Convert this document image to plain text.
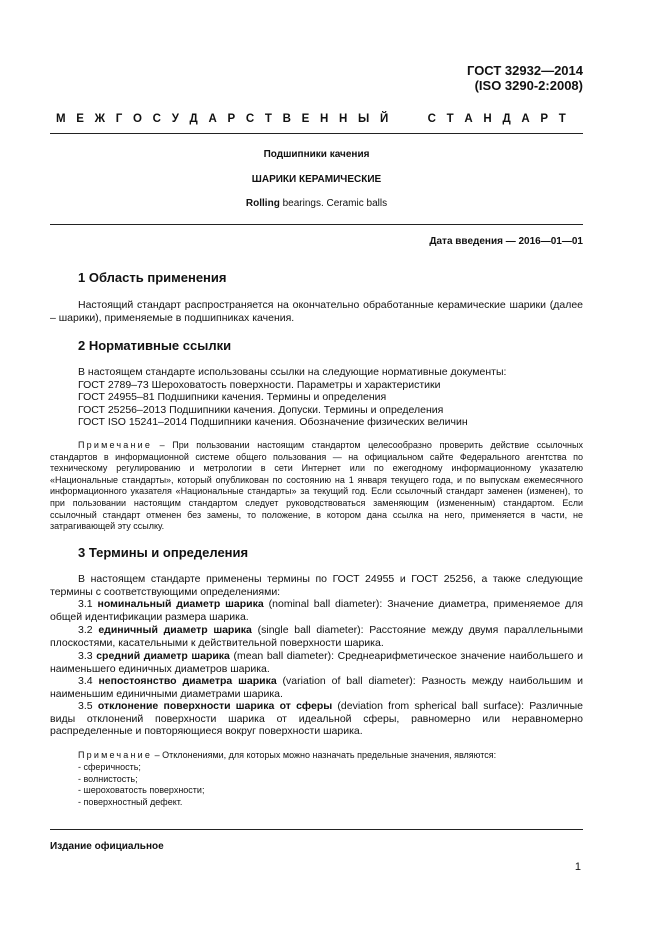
ГОСТ 32932—2014
(ISO 3290-2:2008)
М Е Ж Г О С У Д А Р С Т В Е Н Н Ы Й	С Т А Н Д А Р Т
Подшипники качения
ШАРИКИ КЕРАМИЧЕСКИЕ
Rolling bearings. Ceramic balls
Дата введения — 2016—01—01
1 Область применения
Настоящий стандарт распространяется на окончательно обработанные керамические шарики (далее – шарики), применяемые в подшипниках качения.
2 Нормативные ссылки
В настоящем стандарте использованы ссылки на следующие нормативные документы:
ГОСТ 2789–73 Шероховатость поверхности. Параметры и характеристики
ГОСТ 24955–81 Подшипники качения. Термины и определения
ГОСТ 25256–2013 Подшипники качения. Допуски. Термины и определения
ГОСТ ISO 15241–2014 Подшипники качения. Обозначение физических величин
Примечание – При пользовании настоящим стандартом целесообразно проверить действие ссылочных стандартов в информационной системе общего пользования — на официальном сайте Федерального агентства по техническому регулированию и метрологии в сети Интернет или по ежегодному информационному указателю «Национальные стандарты», который опубликован по состоянию на 1 января текущего года, и по выпускам ежемесячного информационного указателя «Национальные стандарты» за текущий год. Если ссылочный стандарт заменен (изменен), то при пользовании настоящим стандартом следует руководствоваться заменяющим (измененным) стандартом. Если ссылочный стандарт отменен без замены, то положение, в котором дана ссылка на него, применяется в части, не затрагивающей эту ссылку.
3 Термины и определения
В настоящем стандарте применены термины по ГОСТ 24955 и ГОСТ 25256, а также следующие термины с соответствующими определениями:
3.1 номинальный диаметр шарика (nominal ball diameter): Значение диаметра, применяемое для общей идентификации размера шарика.
3.2 единичный диаметр шарика (single ball diameter): Расстояние между двумя параллельными плоскостями, касательными к действительной поверхности шарика.
3.3 средний диаметр шарика (mean ball diameter): Среднеарифметическое значение наибольшего и наименьшего единичных диаметров шарика.
3.4 непостоянство диаметра шарика (variation of ball diameter): Разность между наибольшим и наименьшим единичными диаметрами шарика.
3.5 отклонение поверхности шарика от сферы (deviation from spherical ball surface): Различные виды отклонений поверхности шарика от идеальной сферы, равномерно или неравномерно распределенные и повторяющиеся вокруг поверхности шарика.
Примечание – Отклонениями, для которых можно назначать предельные значения, являются:
- сферичность;
- волнистость;
- шероховатость поверхности;
- поверхностный дефект.
Издание официальное
1
